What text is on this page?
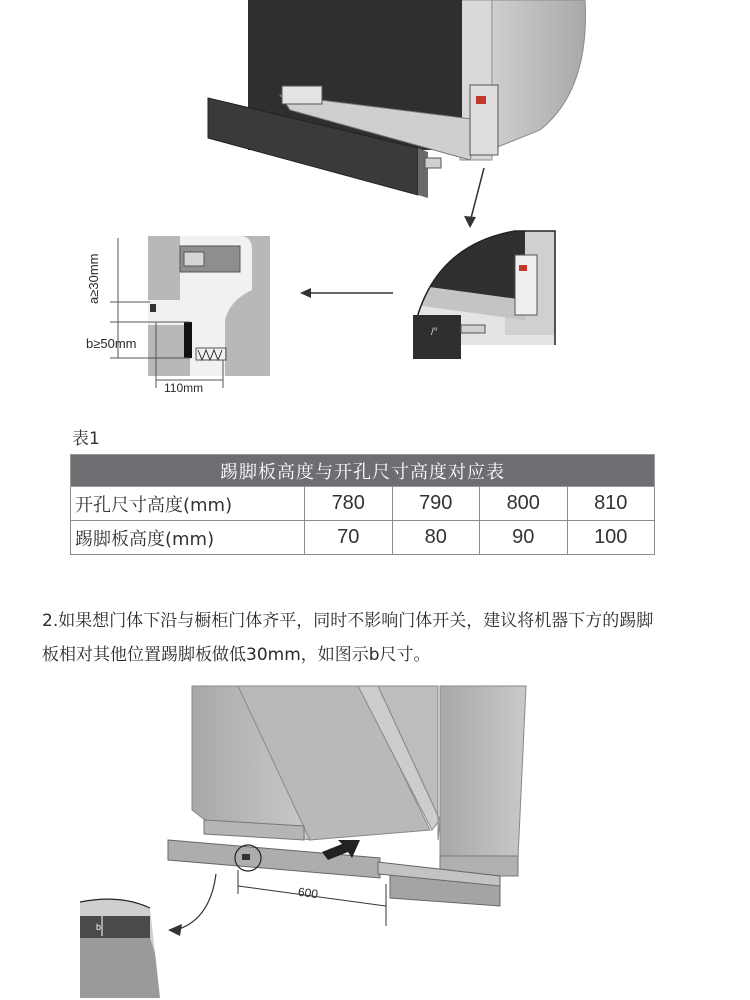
a≥30mm
b≥50mm
110mm
/°
表1
踢脚板高度与开孔尺寸高度对应表				
开孔尺寸高度(mm)	780	790	800	810
踢脚板高度(mm)	70	80	90	100
2.如果想门体下沿与橱柜门体齐平，同时不影响门体开关，建议将机器下方的踢脚
板相对其他位置踢脚板做低30mm，如图示b尺寸。
600
b
